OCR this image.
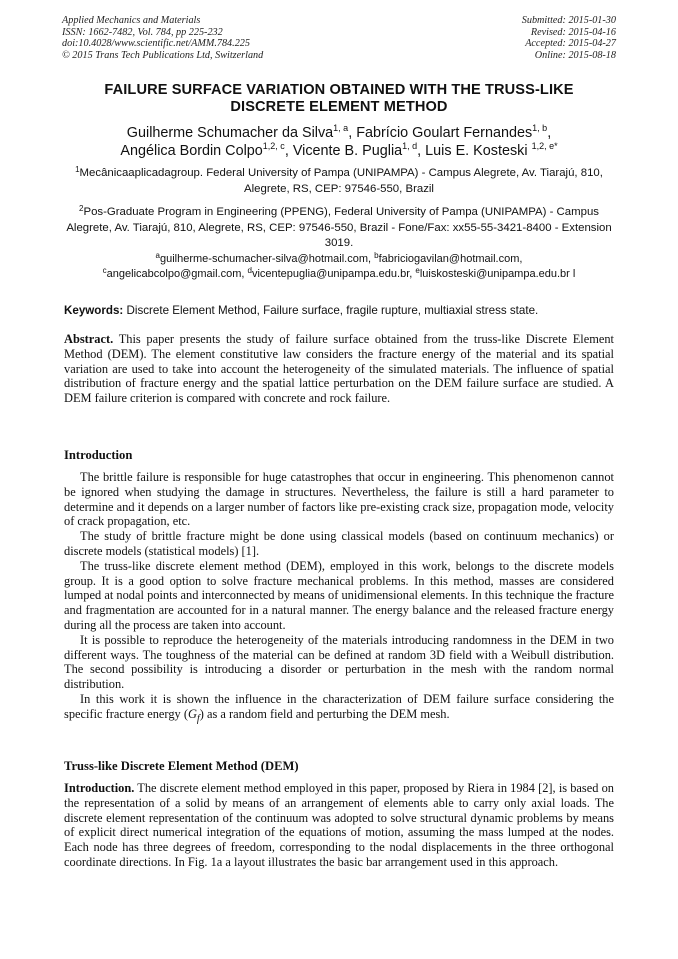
Applied Mechanics and Materials
ISSN: 1662-7482, Vol. 784, pp 225-232
doi:10.4028/www.scientific.net/AMM.784.225
© 2015 Trans Tech Publications Ltd, Switzerland
Submitted: 2015-01-30
Revised: 2015-04-16
Accepted: 2015-04-27
Online: 2015-08-18
FAILURE SURFACE VARIATION OBTAINED WITH THE TRUSS-LIKE
DISCRETE ELEMENT METHOD
Guilherme Schumacher da Silva$^{1, a}$, Fabrício Goulart Fernandes$^{1, b}$,
Angélica Bordin Colpo$^{1,2, c}$, Vicente B. Puglia$^{1, d}$, Luis E. Kosteski $^{1,2, e*}$
$^1$Mecânicaaplicadagroup. Federal University of Pampa (UNIPAMPA) - Campus Alegrete, Av. Tiarajú, 810, Alegrete, RS, CEP: 97546-550, Brazil
$^2$Pos-Graduate Program in Engineering (PPENG), Federal University of Pampa (UNIPAMPA) - Campus Alegrete, Av. Tiarajú, 810, Alegrete, RS, CEP: 97546-550, Brazil - Fone/Fax: xx55-55-3421-8400 - Extension 3019.
$^a$guilherme-schumacher-silva@hotmail.com, $^b$fabriciogavilan@hotmail.com,
$^c$angelicabcolpo@gmail.com, $^d$vicentepuglia@unipampa.edu.br, $^e$luiskosteski@unipampa.edu.br l
Keywords: Discrete Element Method, Failure surface, fragile rupture, multiaxial stress state.
Abstract. This paper presents the study of failure surface obtained from the truss-like Discrete Element Method (DEM). The element constitutive law considers the fracture energy of the material and its spatial variation are used to take into account the heterogeneity of the simulated materials. The influence of spatial distribution of fracture energy and the spatial lattice perturbation on the DEM failure surface are studied. A DEM failure criterion is compared with concrete and rock failure.
Introduction

The brittle failure is responsible for huge catastrophes that occur in engineering. This phenomenon cannot be ignored when studying the damage in structures. Nevertheless, the failure is still a hard parameter to determine and it depends on a larger number of factors like pre-existing crack size, propagation mode, velocity of crack propagation, etc.

The study of brittle fracture might be done using classical models (based on continuum mechanics) or discrete models (statistical models) [1].

The truss-like discrete element method (DEM), employed in this work, belongs to the discrete models group. It is a good option to solve fracture mechanical problems. In this method, masses are considered lumped at nodal points and interconnected by means of unidimensional elements. In this technique the fracture and fragmentation are accounted for in a natural manner. The energy balance and the released fracture energy during all the process are taken into account.

It is possible to reproduce the heterogeneity of the materials introducing randomness in the DEM in two different ways. The toughness of the material can be defined at random 3D field with a Weibull distribution. The second possibility is introducing a disorder or perturbation in the mesh with the random normal distribution.

In this work it is shown the influence in the characterization of DEM failure surface considering the specific fracture energy $(G_f)$ as a random field and perturbing the DEM mesh.

Truss-like Discrete Element Method (DEM)

Introduction. The discrete element method employed in this paper, proposed by Riera in 1984 [2], is based on the representation of a solid by means of an arrangement of elements able to carry only axial loads. The discrete element representation of the continuum was adopted to solve structural dynamic problems by means of explicit direct numerical integration of the equations of motion, assuming the mass lumped at the nodes. Each node has three degrees of freedom, corresponding to the nodal displacements in the three orthogonal coordinate directions. In Fig. 1a a layout illustrates the basic bar arrangement used in this approach.
